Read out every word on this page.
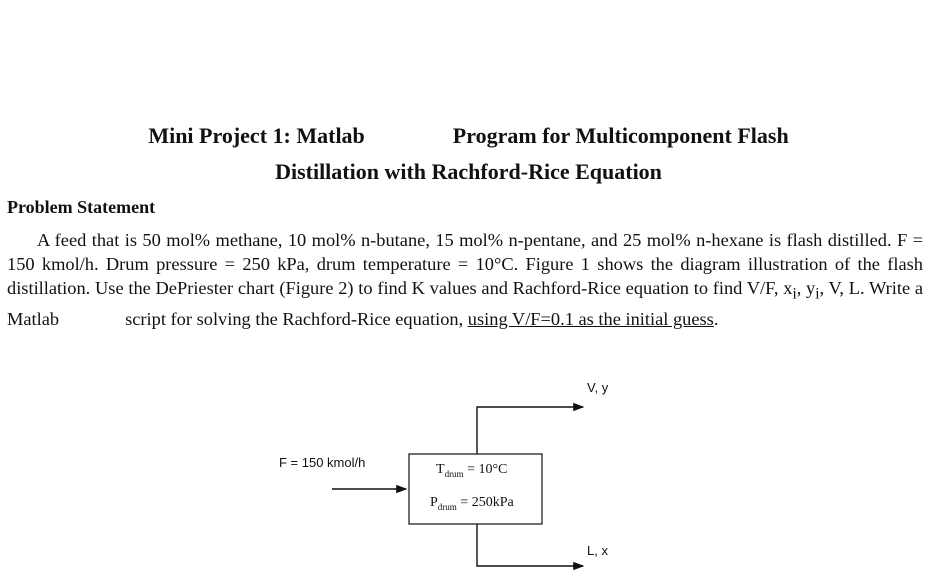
Mini Project 1: Matlab	Program for Multicomponent Flash
Distillation with Rachford-Rice Equation
Problem Statement

A feed that is 50 mol% methane, 10 mol% n-butane, 15 mol% n-pentane, and 25 mol% n-hexane is flash distilled. F = 150 kmol/h. Drum pressure = 250 kPa, drum temperature = 10°C. Figure 1 shows the diagram illustration of the flash distillation. Use the DePriester chart (Figure 2) to find K values and Rachford-Rice equation to find V/F, $x_i$, $y_i$, V, L. Write a Matlab	script for solving the Rachford-Rice equation, using V/F=0.1 as the initial guess.

F = 150 kmol/h
V, y
L, x
$T_{drum} = 10^\circ C$
$P_{drum} = 250kPa$
